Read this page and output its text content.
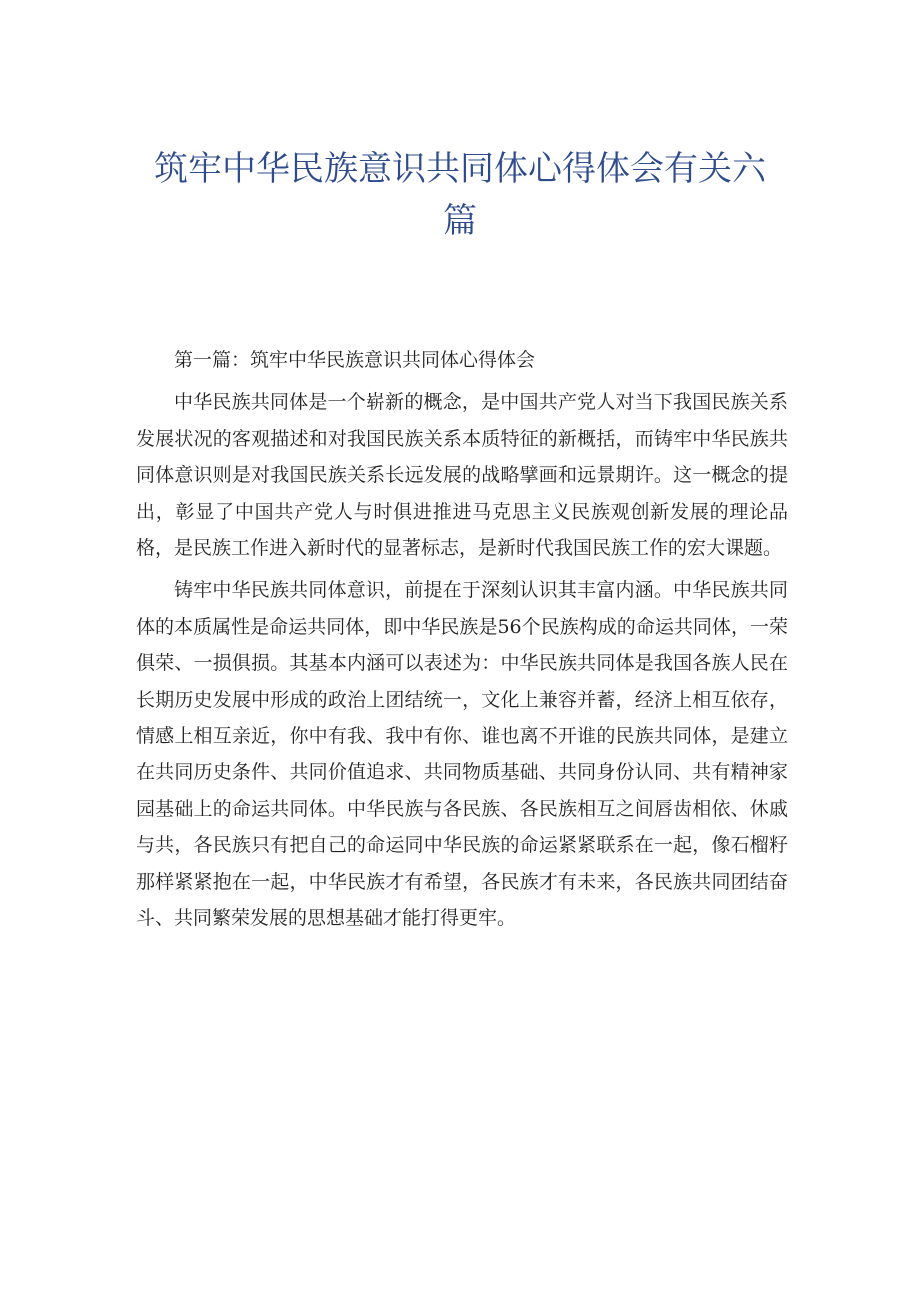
筑牢中华民族意识共同体心得体会有关六
篇

第一篇：筑牢中华民族意识共同体心得体会

中华民族共同体是一个崭新的概念，是中国共产党人对当下我国民族关系发展状况的客观描述和对我国民族关系本质特征的新概括，而铸牢中华民族共同体意识则是对我国民族关系长远发展的战略擘画和远景期许。这一概念的提出，彰显了中国共产党人与时俱进推进马克思主义民族观创新发展的理论品格，是民族工作进入新时代的显著标志，是新时代我国民族工作的宏大课题。

铸牢中华民族共同体意识，前提在于深刻认识其丰富内涵。中华民族共同体的本质属性是命运共同体，即中华民族是56个民族构成的命运共同体，一荣俱荣、一损俱损。其基本内涵可以表述为：中华民族共同体是我国各族人民在长期历史发展中形成的政治上团结统一，文化上兼容并蓄，经济上相互依存，情感上相互亲近，你中有我、我中有你、谁也离不开谁的民族共同体，是建立在共同历史条件、共同价值追求、共同物质基础、共同身份认同、共有精神家园基础上的命运共同体。中华民族与各民族、各民族相互之间唇齿相依、休戚与共，各民族只有把自己的命运同中华民族的命运紧紧联系在一起，像石榴籽那样紧紧抱在一起，中华民族才有希望，各民族才有未来，各民族共同团结奋斗、共同繁荣发展的思想基础才能打得更牢。
